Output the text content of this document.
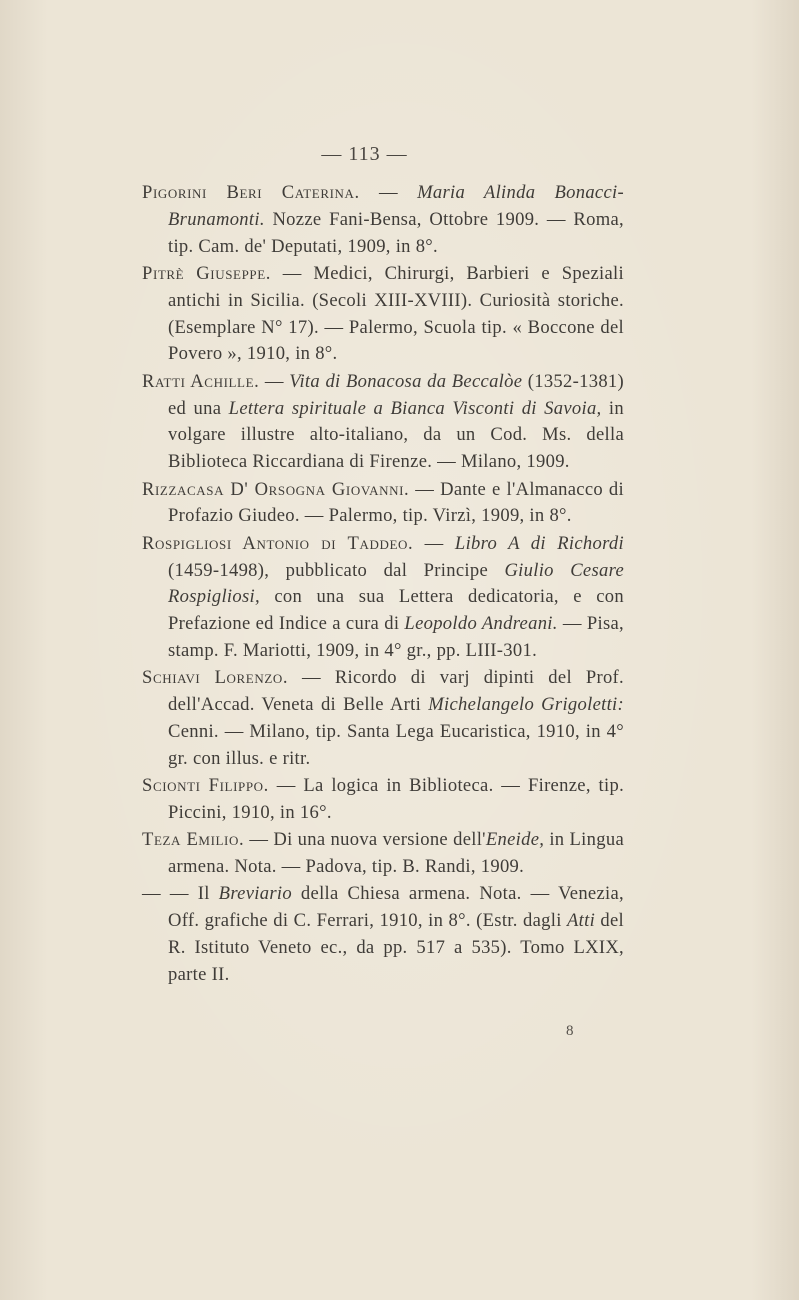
— 113 —

Pigorini Beri Caterina. — Maria Alinda Bonacci-Brunamonti. Nozze Fani-Bensa, Ottobre 1909. — Roma, tip. Cam. de' Deputati, 1909, in 8°.

Pitrè Giuseppe. — Medici, Chirurgi, Barbieri e Speziali antichi in Sicilia. (Secoli XIII-XVIII). Curiosità storiche. (Esemplare N° 17). — Palermo, Scuola tip. « Boccone del Povero », 1910, in 8°.

Ratti Achille. — Vita di Bonacosa da Beccalòe (1352-1381) ed una Lettera spirituale a Bianca Visconti di Savoia, in volgare illustre alto-italiano, da un Cod. Ms. della Biblioteca Riccardiana di Firenze. — Milano, 1909.

Rizzacasa D' Orsogna Giovanni. — Dante e l'Almanacco di Profazio Giudeo. — Palermo, tip. Virzì, 1909, in 8°.

Rospigliosi Antonio di Taddeo. — Libro A di Richordi (1459-1498), pubblicato dal Principe Giulio Cesare Rospigliosi, con una sua Lettera dedicatoria, e con Prefazione ed Indice a cura di Leopoldo Andreani. — Pisa, stamp. F. Mariotti, 1909, in 4° gr., pp. LIII-301.

Schiavi Lorenzo. — Ricordo di varj dipinti del Prof. dell'Accad. Veneta di Belle Arti Michelangelo Grigoletti: Cenni. — Milano, tip. Santa Lega Eucaristica, 1910, in 4° gr. con illus. e ritr.

Scionti Filippo. — La logica in Biblioteca. — Firenze, tip. Piccini, 1910, in 16°.

Teza Emilio. — Di una nuova versione dell'Eneide, in Lingua armena. Nota. — Padova, tip. B. Randi, 1909.

— — Il Breviario della Chiesa armena. Nota. — Venezia, Off. grafiche di C. Ferrari, 1910, in 8°. (Estr. dagli Atti del R. Istituto Veneto ec., da pp. 517 a 535). Tomo LXIX, parte II.

8
